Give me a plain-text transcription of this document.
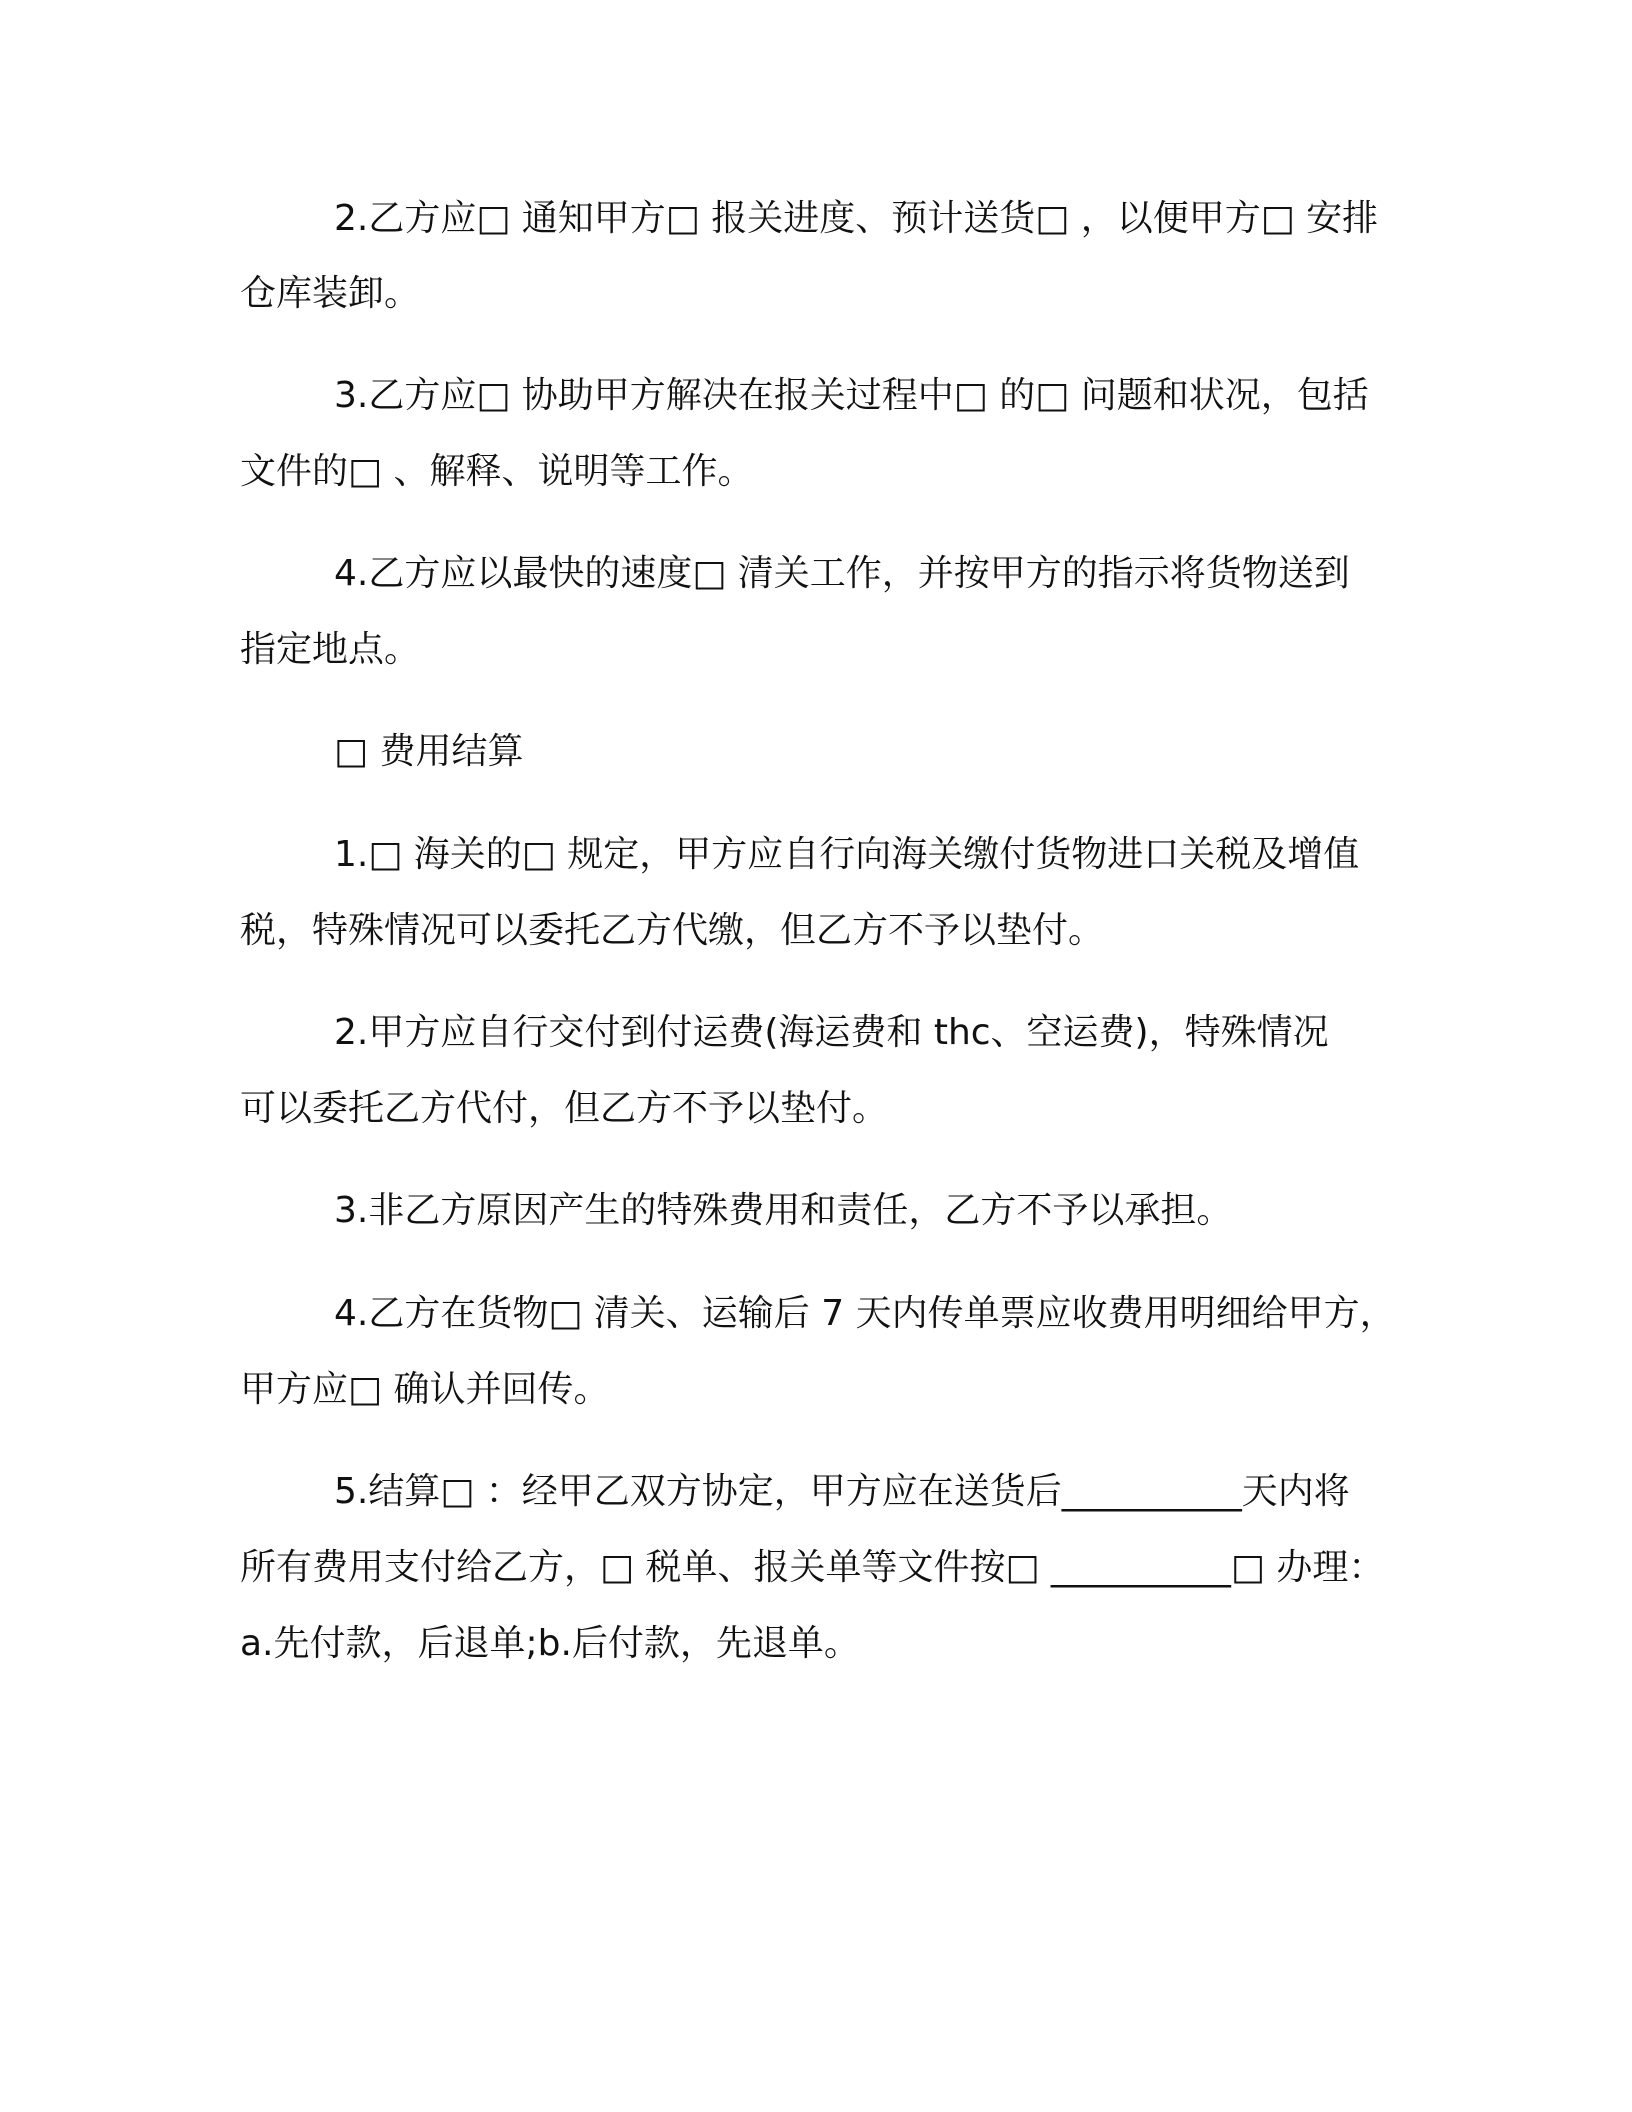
2.乙方应□ 通知甲方□ 报关进度、预计送货□ ，以便甲方□ 安排
仓库装卸。
3.乙方应□ 协助甲方解决在报关过程中□ 的□ 问题和状况，包括
文件的□ 、解释、说明等工作。
4.乙方应以最快的速度□ 清关工作，并按甲方的指示将货物送到
指定地点。
□ 费用结算
1.□ 海关的□ 规定，甲方应自行向海关缴付货物进口关税及增值
税，特殊情况可以委托乙方代缴，但乙方不予以垫付。
2.甲方应自行交付到付运费(海运费和 thc、空运费)，特殊情况
可以委托乙方代付，但乙方不予以垫付。
3.非乙方原因产生的特殊费用和责任，乙方不予以承担。
4.乙方在货物□ 清关、运输后 7 天内传单票应收费用明细给甲方，
甲方应□ 确认并回传。
5.结算□ ：经甲乙双方协定，甲方应在送货后__________天内将
所有费用支付给乙方，□ 税单、报关单等文件按□ __________□ 办理：
a.先付款，后退单;b.后付款，先退单。
